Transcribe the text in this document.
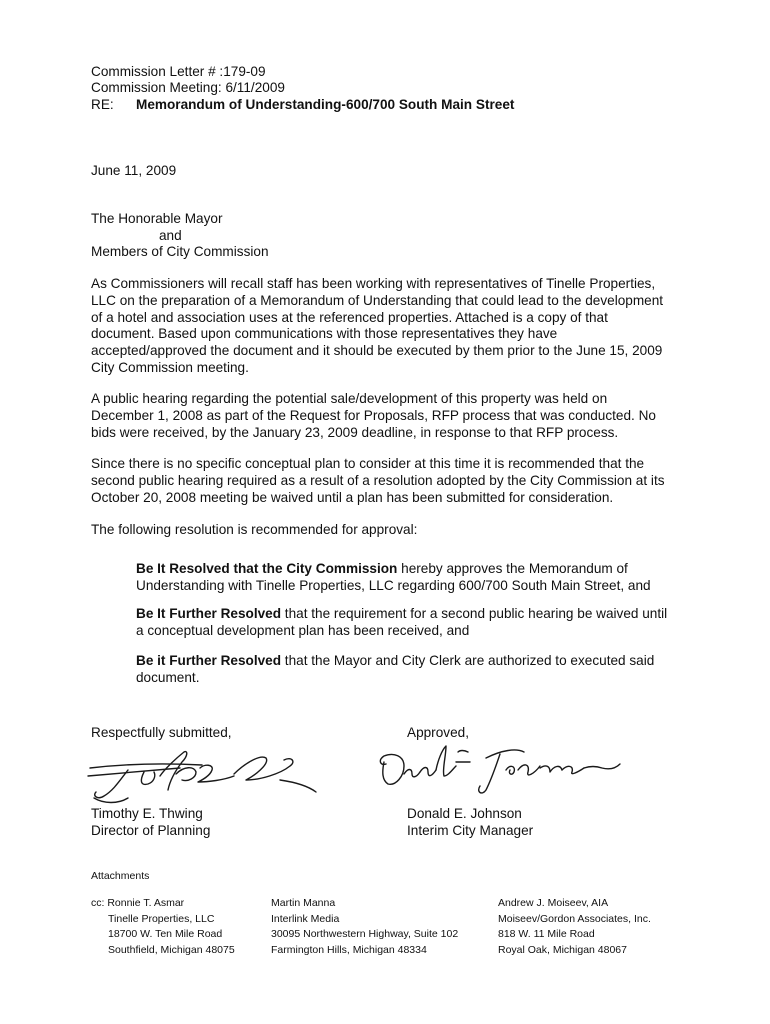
Commission Letter # :179-09
Commission Meeting: 6/11/2009
RE: Memorandum of Understanding-600/700 South Main Street
June 11, 2009
The Honorable Mayor
and
Members of City Commission
As Commissioners will recall staff has been working with representatives of Tinelle Properties,
LLC on the preparation of a Memorandum of Understanding that could lead to the development
of a hotel and association uses at the referenced properties. Attached is a copy of that
document. Based upon communications with those representatives they have
accepted/approved the document and it should be executed by them prior to the June 15, 2009
City Commission meeting.
A public hearing regarding the potential sale/development of this property was held on
December 1, 2008 as part of the Request for Proposals, RFP process that was conducted. No
bids were received, by the January 23, 2009 deadline, in response to that RFP process.
Since there is no specific conceptual plan to consider at this time it is recommended that the
second public hearing required as a result of a resolution adopted by the City Commission at its
October 20, 2008 meeting be waived until a plan has been submitted for consideration.
The following resolution is recommended for approval:
Be It Resolved that the City Commission hereby approves the Memorandum of
Understanding with Tinelle Properties, LLC regarding 600/700 South Main Street, and
Be It Further Resolved that the requirement for a second public hearing be waived until
a conceptual development plan has been received, and
Be it Further Resolved that the Mayor and City Clerk are authorized to executed said
document.
Respectfully submitted,	Approved,
Timothy E. Thwing
Director of Planning
Donald E. Johnson
Interim City Manager
Attachments
cc: Ronnie T. Asmar
Tinelle Properties, LLC
18700 W. Ten Mile Road
Southfield, Michigan 48075
Martin Manna
Interlink Media
30095 Northwestern Highway, Suite 102
Farmington Hills, Michigan 48334
Andrew J. Moiseev, AIA
Moiseev/Gordon Associates, Inc.
818 W. 11 Mile Road
Royal Oak, Michigan 48067
